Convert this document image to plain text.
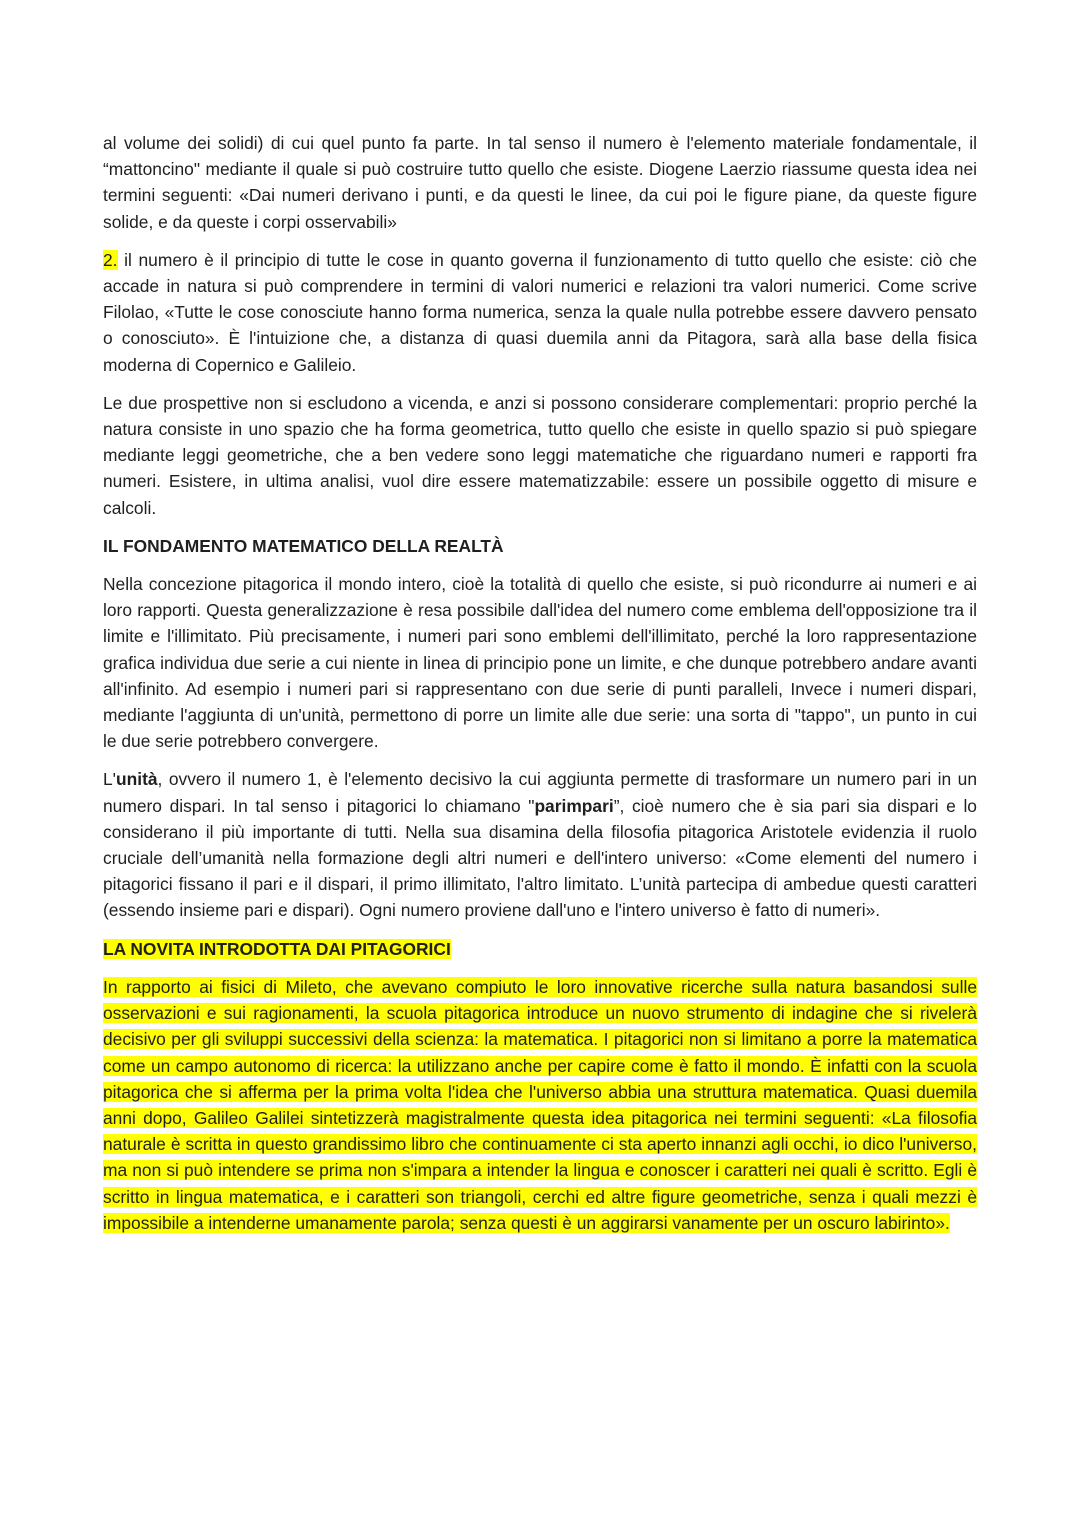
al volume dei solidi) di cui quel punto fa parte. In tal senso il numero è l'elemento materiale fondamentale, il “mattoncino" mediante il quale si può costruire tutto quello che esiste. Diogene Laerzio riassume questa idea nei termini seguenti: «Dai numeri derivano i punti, e da questi le linee, da cui poi le figure piane, da queste figure solide, e da queste i corpi osservabili»

2. il numero è il principio di tutte le cose in quanto governa il funzionamento di tutto quello che esiste: ciò che accade in natura si può comprendere in termini di valori numerici e relazioni tra valori numerici. Come scrive Filolao, «Tutte le cose conosciute hanno forma numerica, senza la quale nulla potrebbe essere davvero pensato o conosciuto». È l'intuizione che, a distanza di quasi duemila anni da Pitagora, sarà alla base della fisica moderna di Copernico e Galileio.

Le due prospettive non si escludono a vicenda, e anzi si possono considerare complementari: proprio perché la natura consiste in uno spazio che ha forma geometrica, tutto quello che esiste in quello spazio si può spiegare mediante leggi geometriche, che a ben vedere sono leggi matematiche che riguardano numeri e rapporti fra numeri. Esistere, in ultima analisi, vuol dire essere matematizzabile: essere un possibile oggetto di misure e calcoli.

IL FONDAMENTO MATEMATICO DELLA REALTÀ

Nella concezione pitagorica il mondo intero, cioè la totalità di quello che esiste, si può ricondurre ai numeri e ai loro rapporti. Questa generalizzazione è resa possibile dall'idea del numero come emblema dell'opposizione tra il limite e l'illimitato. Più precisamente, i numeri pari sono emblemi dell'illimitato, perché la loro rappresentazione grafica individua due serie a cui niente in linea di principio pone un limite, e che dunque potrebbero andare avanti all'infinito. Ad esempio i numeri pari si rappresentano con due serie di punti paralleli, Invece i numeri dispari, mediante l'aggiunta di un'unità, permettono di porre un limite alle due serie: una sorta di "tappo", un punto in cui le due serie potrebbero convergere.

L'unità, ovvero il numero 1, è l'elemento decisivo la cui aggiunta permette di trasformare un numero pari in un numero dispari. In tal senso i pitagorici lo chiamano "parimpari”, cioè numero che è sia pari sia dispari e lo considerano il più importante di tutti. Nella sua disamina della filosofia pitagorica Aristotele evidenzia il ruolo cruciale dell’umanità nella formazione degli altri numeri e dell'intero universo: «Come elementi del numero i pitagorici fissano il pari e il dispari, il primo illimitato, l'altro limitato. L’unità partecipa di ambedue questi caratteri (essendo insieme pari e dispari). Ogni numero proviene dall'uno e l'intero universo è fatto di numeri».

LA NOVITA INTRODOTTA DAI PITAGORICI

In rapporto ai fisici di Mileto, che avevano compiuto le loro innovative ricerche sulla natura basandosi sulle osservazioni e sui ragionamenti, la scuola pitagorica introduce un nuovo strumento di indagine che si rivelerà decisivo per gli sviluppi successivi della scienza: la matematica. I pitagorici non si limitano a porre la matematica come un campo autonomo di ricerca: la utilizzano anche per capire come è fatto il mondo. È infatti con la scuola pitagorica che si afferma per la prima volta l'idea che l'universo abbia una struttura matematica. Quasi duemila anni dopo, Galileo Galilei sintetizzerà magistralmente questa idea pitagorica nei termini seguenti: «La filosofia naturale è scritta in questo grandissimo libro che continuamente ci sta aperto innanzi agli occhi, io dico l'universo, ma non si può intendere se prima non s'impara a intender la lingua e conoscer i caratteri nei quali è scritto. Egli è scritto in lingua matematica, e i caratteri son triangoli, cerchi ed altre figure geometriche, senza i quali mezzi è impossibile a intenderne umanamente parola; senza questi è un aggirarsi vanamente per un oscuro labirinto».
